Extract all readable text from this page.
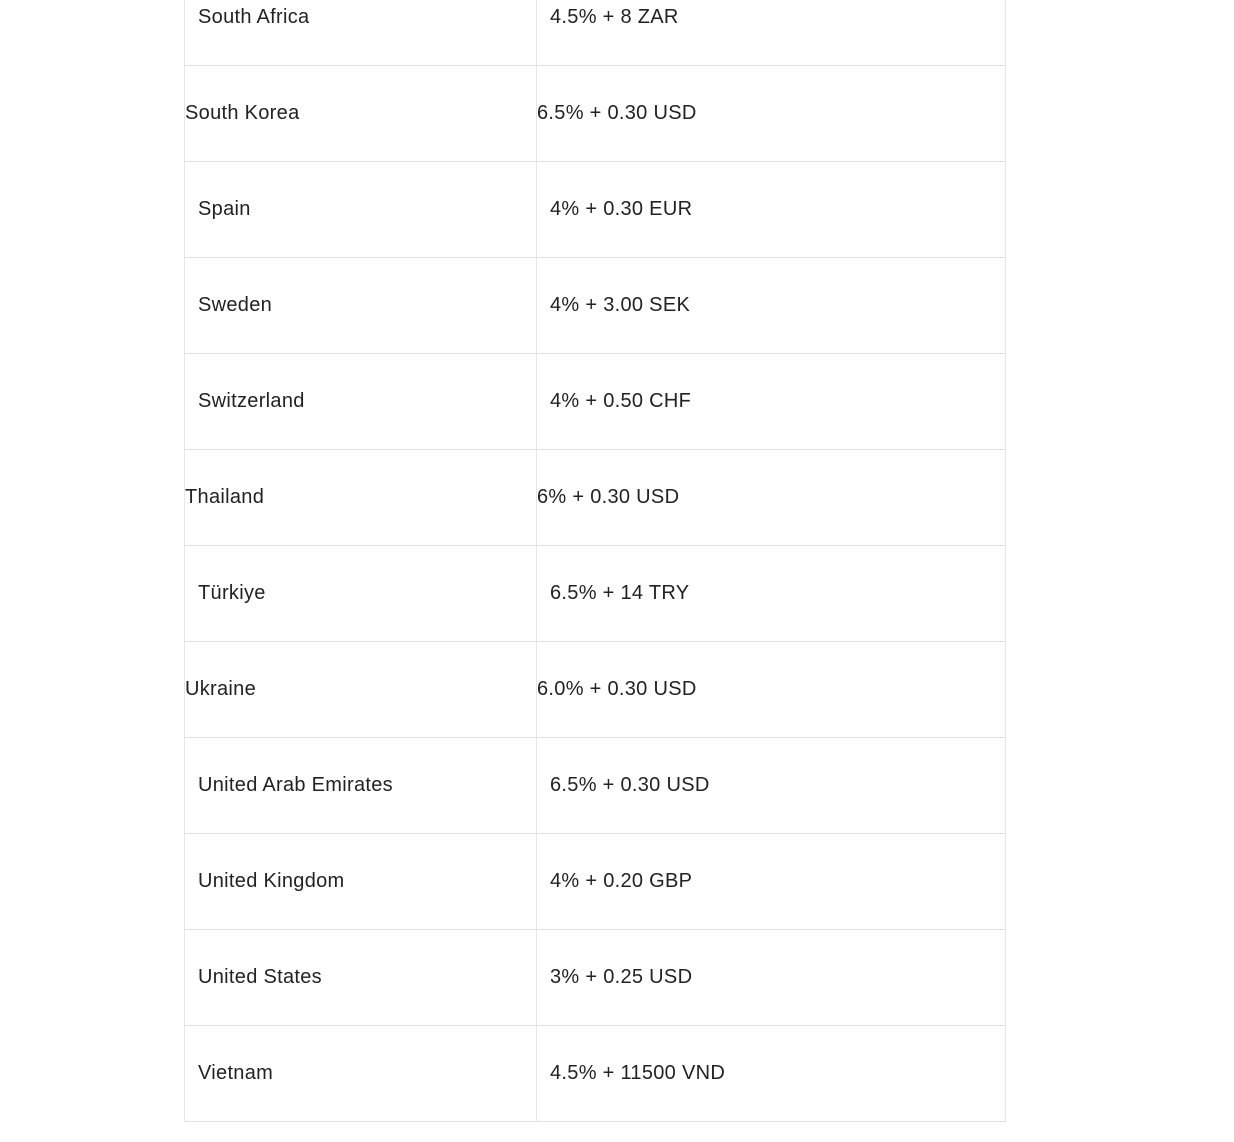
South Africa	4.5% + 8 ZAR
South Korea	6.5% + 0.30 USD
Spain	4% + 0.30 EUR
Sweden	4% + 3.00 SEK
Switzerland	4% + 0.50 CHF
Thailand	6% + 0.30 USD
Türkiye	6.5% + 14 TRY
Ukraine	6.0% + 0.30 USD
United Arab Emirates	6.5% + 0.30 USD
United Kingdom	4% + 0.20 GBP
United States	3% + 0.25 USD
Vietnam	4.5% + 11500 VND
